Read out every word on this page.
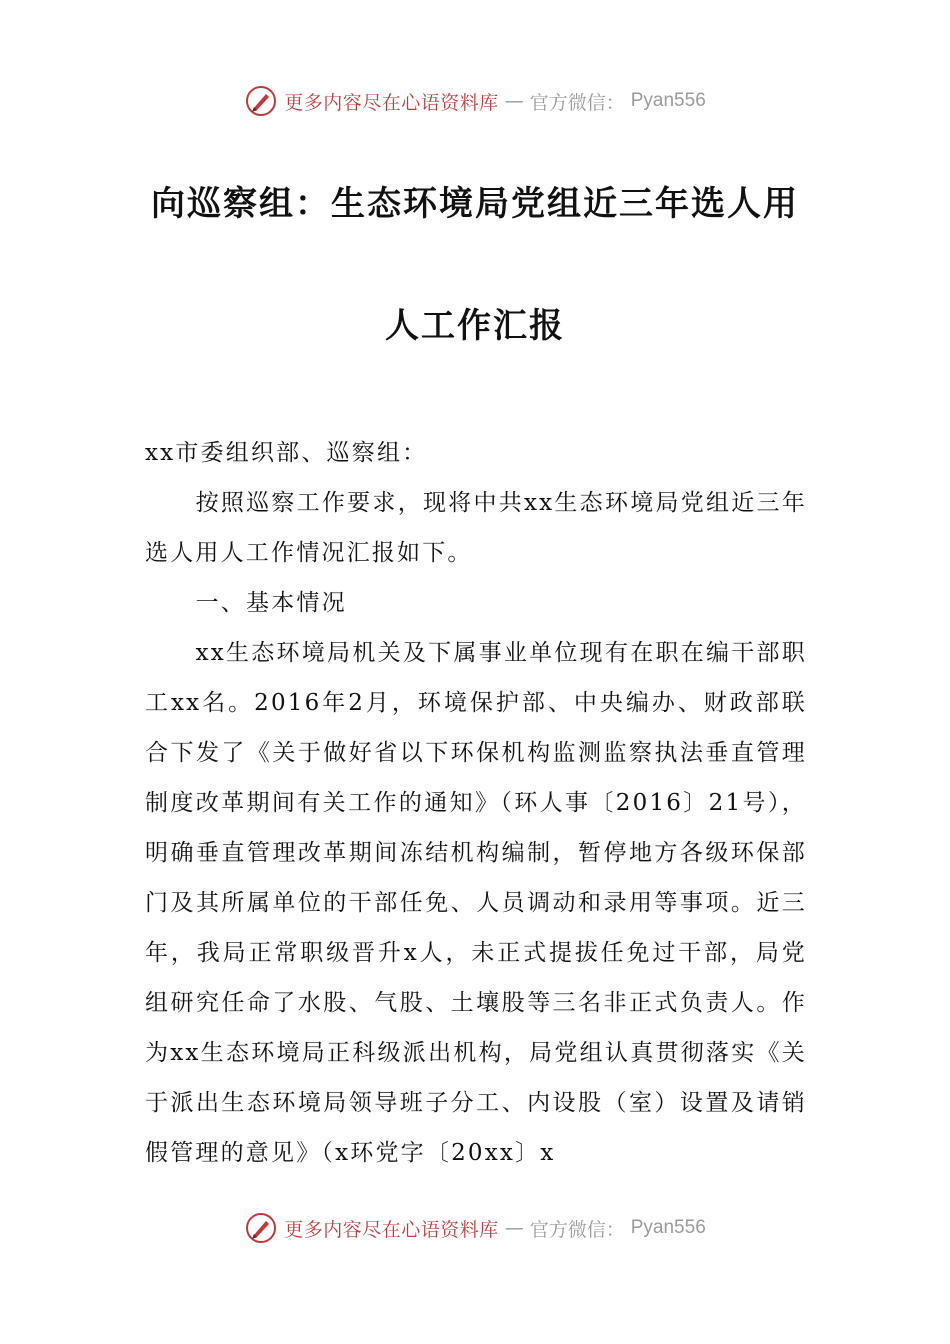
更多内容尽在心语资料库 — 官方微信： Pyan556
向巡察组：生态环境局党组近三年选人用
人工作汇报

xx市委组织部、巡察组：

按照巡察工作要求，现将中共xx生态环境局党组近三年选人用人工作情况汇报如下。

一、基本情况

xx生态环境局机关及下属事业单位现有在职在编干部职工xx名。2016年2月，环境保护部、中央编办、财政部联合下发了《关于做好省以下环保机构监测监察执法垂直管理制度改革期间有关工作的通知》（环人事〔2016〕21号），明确垂直管理改革期间冻结机构编制，暂停地方各级环保部门及其所属单位的干部任免、人员调动和录用等事项。近三年，我局正常职级晋升x人，未正式提拔任免过干部，局党组研究任命了水股、气股、土壤股等三名非正式负责人。作为xx生态环境局正科级派出机构，局党组认真贯彻落实《关于派出生态环境局领导班子分工、内设股（室）设置及请销假管理的意见》（x环党字〔20xx〕x

更多内容尽在心语资料库 — 官方微信： Pyan556
